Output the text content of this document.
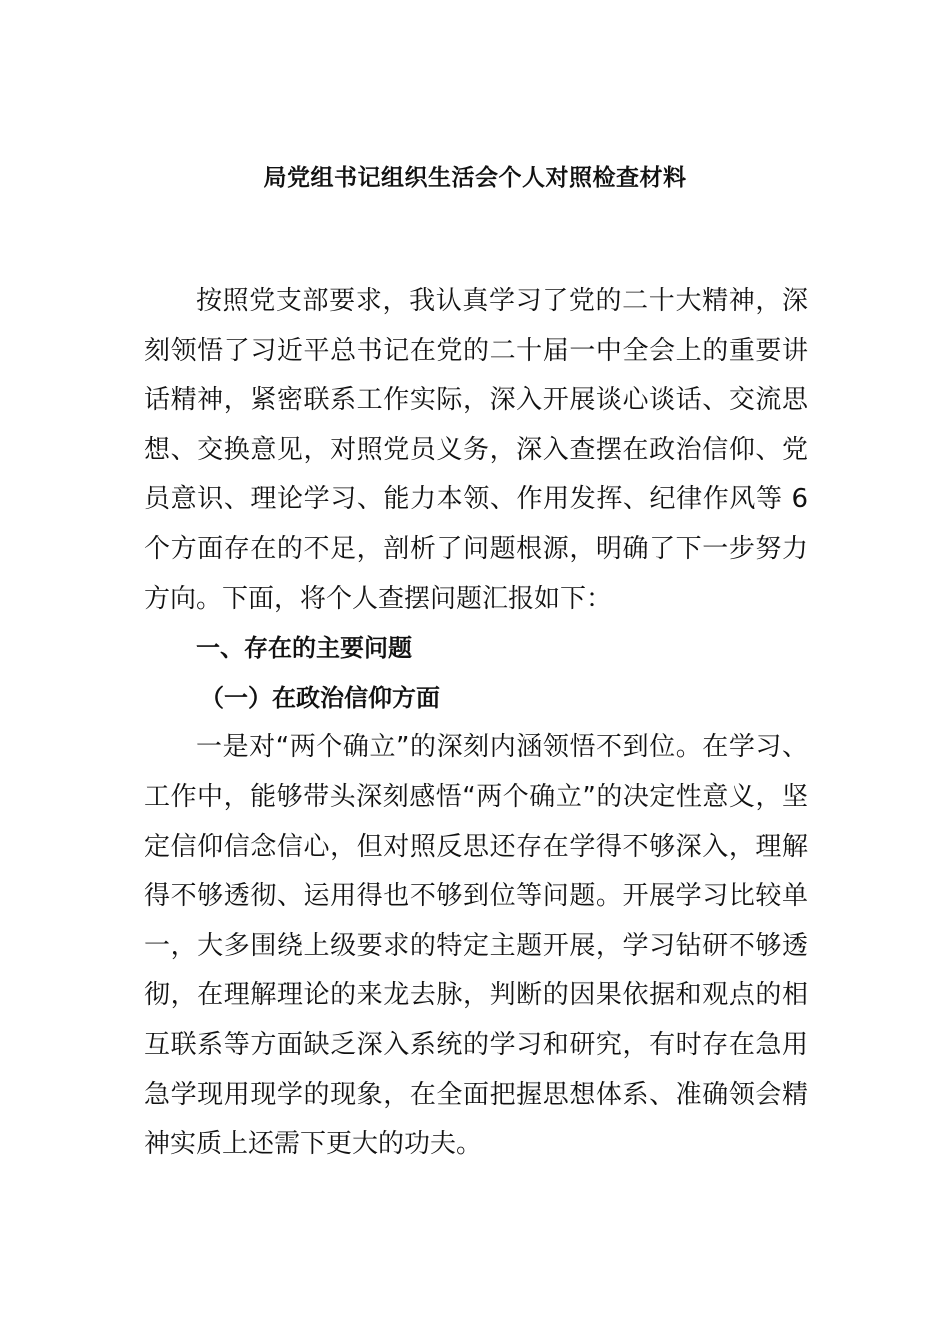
局党组书记组织生活会个人对照检查材料

按照党支部要求，我认真学习了党的二十大精神，深刻领悟了习近平总书记在党的二十届一中全会上的重要讲话精神，紧密联系工作实际，深入开展谈心谈话、交流思想、交换意见，对照党员义务，深入查摆在政治信仰、党员意识、理论学习、能力本领、作用发挥、纪律作风等 6 个方面存在的不足，剖析了问题根源，明确了下一步努力方向。下面，将个人查摆问题汇报如下：

一、存在的主要问题
（一）在政治信仰方面

一是对“两个确立”的深刻内涵领悟不到位。在学习、工作中，能够带头深刻感悟“两个确立”的决定性意义，坚定信仰信念信心，但对照反思还存在学得不够深入，理解得不够透彻、运用得也不够到位等问题。开展学习比较单一，大多围绕上级要求的特定主题开展，学习钻研不够透彻，在理解理论的来龙去脉，判断的因果依据和观点的相互联系等方面缺乏深入系统的学习和研究，有时存在急用急学现用现学的现象，在全面把握思想体系、准确领会精神实质上还需下更大的功夫。
